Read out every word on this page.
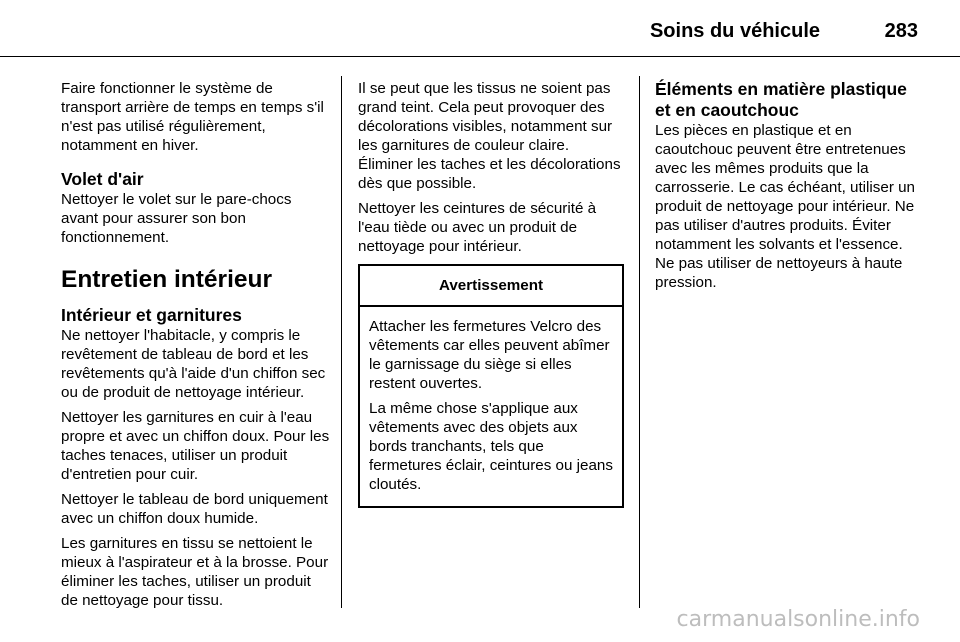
Soins du véhicule	283

Faire fonctionner le système de transport arrière de temps en temps s'il n'est pas utilisé régulièrement, notamment en hiver.

Volet d'air

Nettoyer le volet sur le pare-chocs avant pour assurer son bon fonctionnement.

Entretien intérieur
Intérieur et garnitures

Ne nettoyer l'habitacle, y compris le revêtement de tableau de bord et les revêtements qu'à l'aide d'un chiffon sec ou de produit de nettoyage intérieur.

Nettoyer les garnitures en cuir à l'eau propre et avec un chiffon doux. Pour les taches tenaces, utiliser un produit d'entretien pour cuir.

Nettoyer le tableau de bord uniquement avec un chiffon doux humide.

Les garnitures en tissu se nettoient le mieux à l'aspirateur et à la brosse. Pour éliminer les taches, utiliser un produit de nettoyage pour tissu.

Il se peut que les tissus ne soient pas grand teint. Cela peut provoquer des décolorations visibles, notamment sur les garnitures de couleur claire. Éliminer les taches et les décolorations dès que possible.

Nettoyer les ceintures de sécurité à l'eau tiède ou avec un produit de nettoyage pour intérieur.

Avertissement

Attacher les fermetures Velcro des vêtements car elles peuvent abîmer le garnissage du siège si elles restent ouvertes.

La même chose s'applique aux vêtements avec des objets aux bords tranchants, tels que fermetures éclair, ceintures ou jeans cloutés.

Éléments en matière plastique et en caoutchouc

Les pièces en plastique et en caoutchouc peuvent être entretenues avec les mêmes produits que la carrosserie. Le cas échéant, utiliser un produit de nettoyage pour intérieur. Ne pas utiliser d'autres produits. Éviter notamment les solvants et l'essence. Ne pas utiliser de nettoyeurs à haute pression.

carmanualsonline.info
